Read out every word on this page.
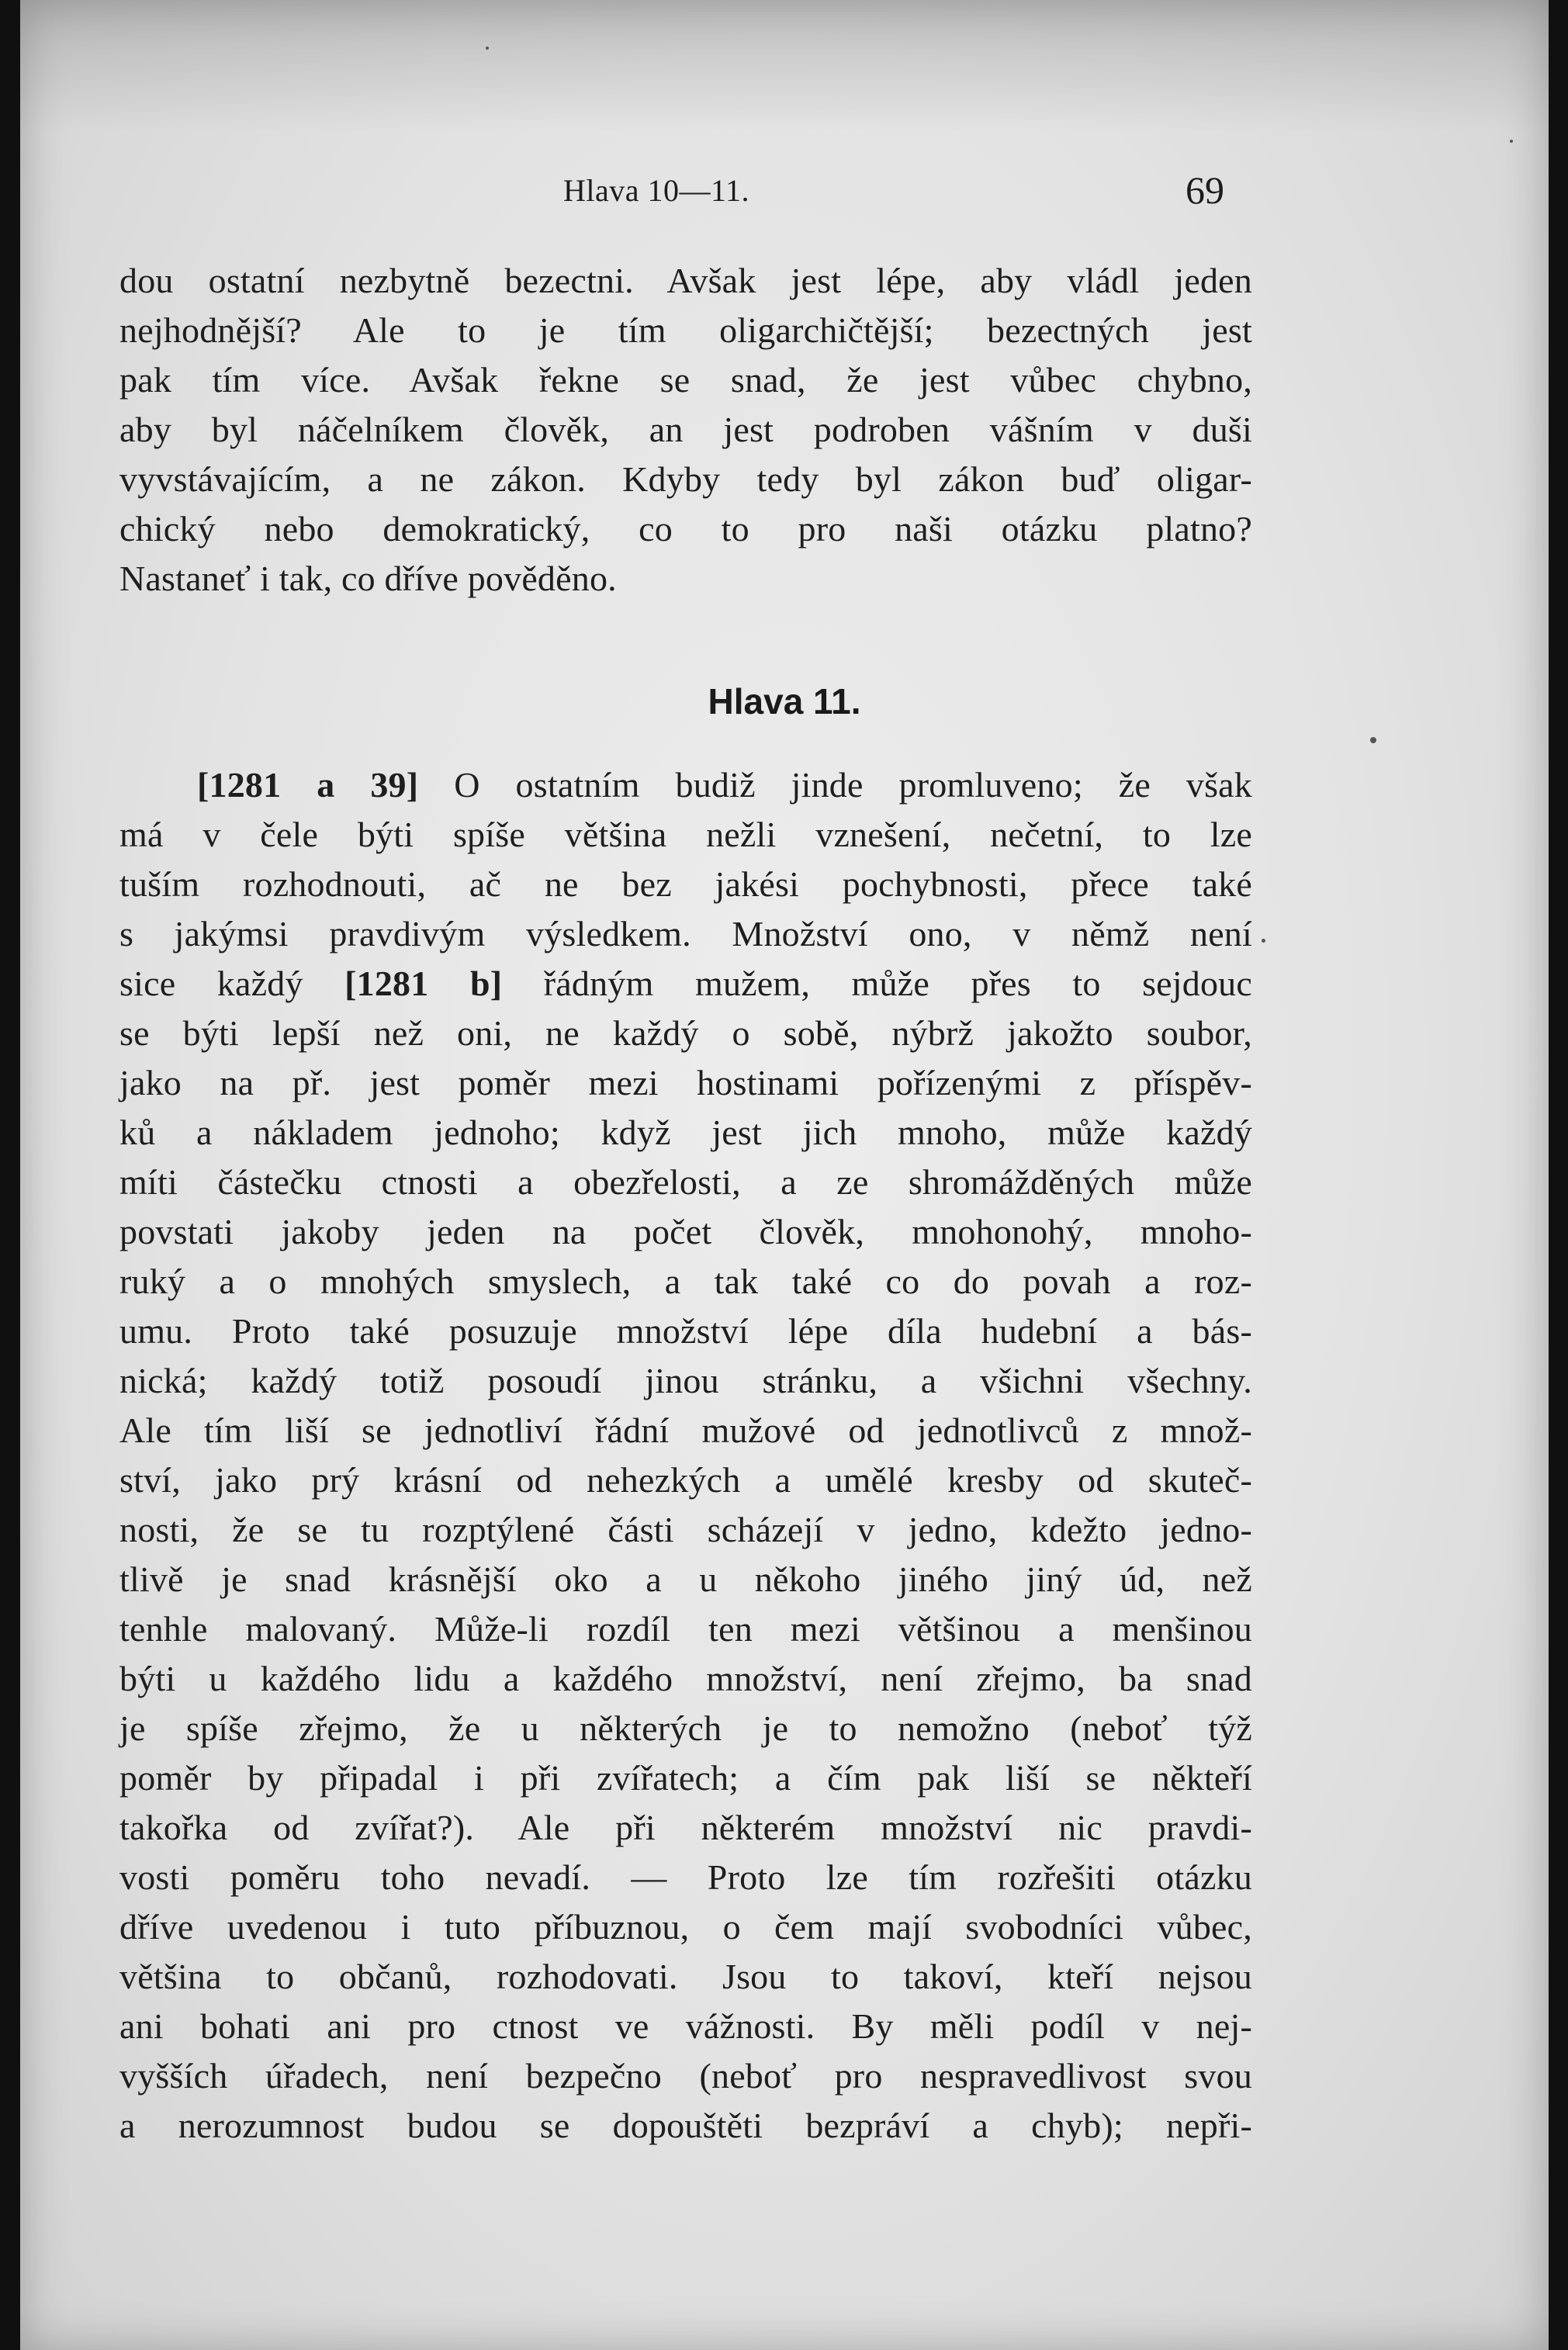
Hlava 10—11.	69
dou ostatní nezbytně bezectni. Avšak jest lépe, aby vládl jeden
nejhodnější? Ale to je tím oligarchičtější; bezectných jest
pak tím více. Avšak řekne se snad, že jest vůbec chybno,
aby byl náčelníkem člověk, an jest podroben vášním v duši
vyvstávajícím, a ne zákon. Kdyby tedy byl zákon buď oligar-
chický nebo demokratický, co to pro naši otázku platno?
Nastaneť i tak, co dříve pověděno.
Hlava 11.
[1281 a 39] O ostatním budiž jinde promluveno; že však
má v čele býti spíše většina nežli vznešení, nečetní, to lze
tuším rozhodnouti, ač ne bez jakési pochybnosti, přece také
s jakýmsi pravdivým výsledkem. Množství ono, v němž není
sice každý [1281 b] řádným mužem, může přes to sejdouc
se býti lepší než oni, ne každý o sobě, nýbrž jakožto soubor,
jako na př. jest poměr mezi hostinami pořízenými z příspěv-
ků a nákladem jednoho; když jest jich mnoho, může každý
míti částečku ctnosti a obezřelosti, a ze shromážděných může
povstati jakoby jeden na počet člověk, mnohonohý, mnoho-
ruký a o mnohých smyslech, a tak také co do povah a roz-
umu. Proto také posuzuje množství lépe díla hudební a bás-
nická; každý totiž posoudí jinou stránku, a všichni všechny.
Ale tím liší se jednotliví řádní mužové od jednotlivců z množ-
ství, jako prý krásní od nehezkých a umělé kresby od skuteč-
nosti, že se tu rozptýlené části scházejí v jedno, kdežto jedno-
tlivě je snad krásnější oko a u někoho jiného jiný úd, než
tenhle malovaný. Může-li rozdíl ten mezi většinou a menšinou
býti u každého lidu a každého množství, není zřejmo, ba snad
je spíše zřejmo, že u některých je to nemožno (neboť týž
poměr by připadal i při zvířatech; a čím pak liší se někteří
takořka od zvířat?). Ale při některém množství nic pravdi-
vosti poměru toho nevadí. — Proto lze tím rozřešiti otázku
dříve uvedenou i tuto příbuznou, o čem mají svobodníci vůbec,
většina to občanů, rozhodovati. Jsou to takoví, kteří nejsou
ani bohati ani pro ctnost ve vážnosti. By měli podíl v nej-
vyšších úřadech, není bezpečno (neboť pro nespravedlivost svou
a nerozumnost budou se dopouštěti bezpráví a chyb); nepři-
